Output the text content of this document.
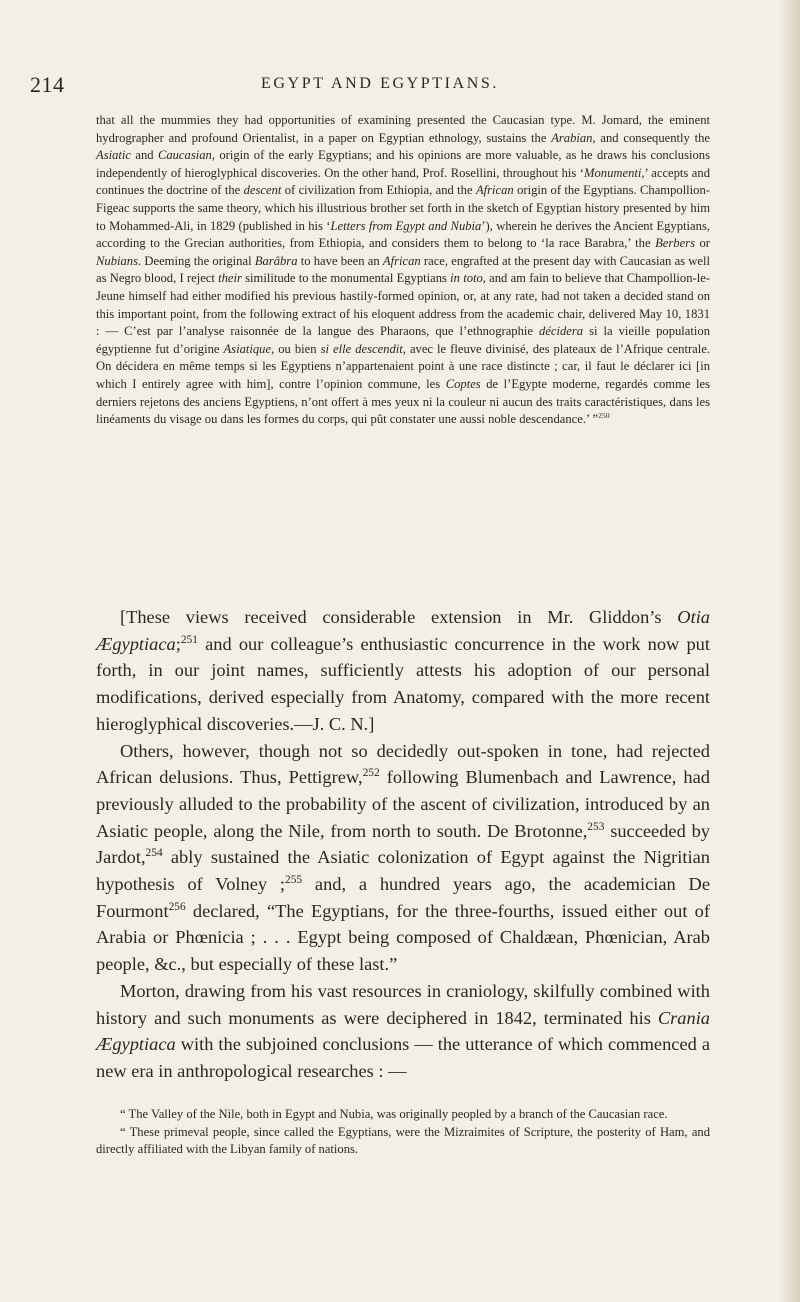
214	EGYPT AND EGYPTIANS.

that all the mummies they had opportunities of examining presented the Caucasian type. M. Jomard, the eminent hydrographer and profound Orientalist, in a paper on Egyptian ethnology, sustains the Arabian, and consequently the Asiatic and Caucasian, origin of the early Egyptians; and his opinions are more valuable, as he draws his conclusions independently of hieroglyphical discoveries. On the other hand, Prof. Rosellini, throughout his ‘Monumenti,’ accepts and continues the doctrine of the descent of civilization from Ethiopia, and the African origin of the Egyptians. Champollion-Figeac supports the same theory, which his illustrious brother set forth in the sketch of Egyptian history presented by him to Mohammed-Ali, in 1829 (published in his ‘Letters from Egypt and Nubia’), wherein he derives the Ancient Egyptians, according to the Grecian authorities, from Ethiopia, and considers them to belong to ‘la race Barabra,’ the Berbers or Nubians. Deeming the original Barâbra to have been an African race, engrafted at the present day with Caucasian as well as Negro blood, I reject their similitude to the monumental Egyptians in toto, and am fain to believe that Champollion-le-Jeune himself had either modified his previous hastily-formed opinion, or, at any rate, had not taken a decided stand on this important point, from the following extract of his eloquent address from the academic chair, delivered May 10, 1831 : — C’est par l’analyse raisonnée de la langue des Pharaons, que l’ethnographie décidera si la vieille population égyptienne fut d’origine Asiatique, ou bien si elle descendit, avec le fleuve divinisé, des plateaux de l’Afrique centrale. On décidera en même temps si les Egyptiens n’appartenaient point à une race distincte ; car, il faut le déclarer ici [in which I entirely agree with him], contre l’opinion commune, les Coptes de l’Egypte moderne, regardés comme les derniers rejetons des anciens Egyptiens, n’ont offert à mes yeux ni la couleur ni aucun des traits caractéristiques, dans les linéaments du visage ou dans les formes du corps, qui pût constater une aussi noble descendance.’ ”$^{250}$

[These views received considerable extension in Mr. Gliddon’s Otia Ægyptiaca;$^{251}$ and our colleague’s enthusiastic concurrence in the work now put forth, in our joint names, sufficiently attests his adoption of our personal modifications, derived especially from Anatomy, compared with the more recent hieroglyphical discoveries.—J. C. N.]

Others, however, though not so decidedly out-spoken in tone, had rejected African delusions. Thus, Pettigrew,$^{252}$ following Blumenbach and Lawrence, had previously alluded to the probability of the ascent of civilization, introduced by an Asiatic people, along the Nile, from north to south. De Brotonne,$^{253}$ succeeded by Jardot,$^{254}$ ably sustained the Asiatic colonization of Egypt against the Nigritian hypothesis of Volney ;$^{255}$ and, a hundred years ago, the academician De Fourmont$^{256}$ declared, “The Egyptians, for the three-fourths, issued either out of Arabia or Phœnicia ; . . . Egypt being composed of Chaldæan, Phœnician, Arab people, &c., but especially of these last.”

Morton, drawing from his vast resources in craniology, skilfully combined with history and such monuments as were deciphered in 1842, terminated his Crania Ægyptiaca with the subjoined conclusions — the utterance of which commenced a new era in anthropological researches : —

“ The Valley of the Nile, both in Egypt and Nubia, was originally peopled by a branch of the Caucasian race.

“ These primeval people, since called the Egyptians, were the Mizraimites of Scripture, the posterity of Ham, and directly affiliated with the Libyan family of nations.
